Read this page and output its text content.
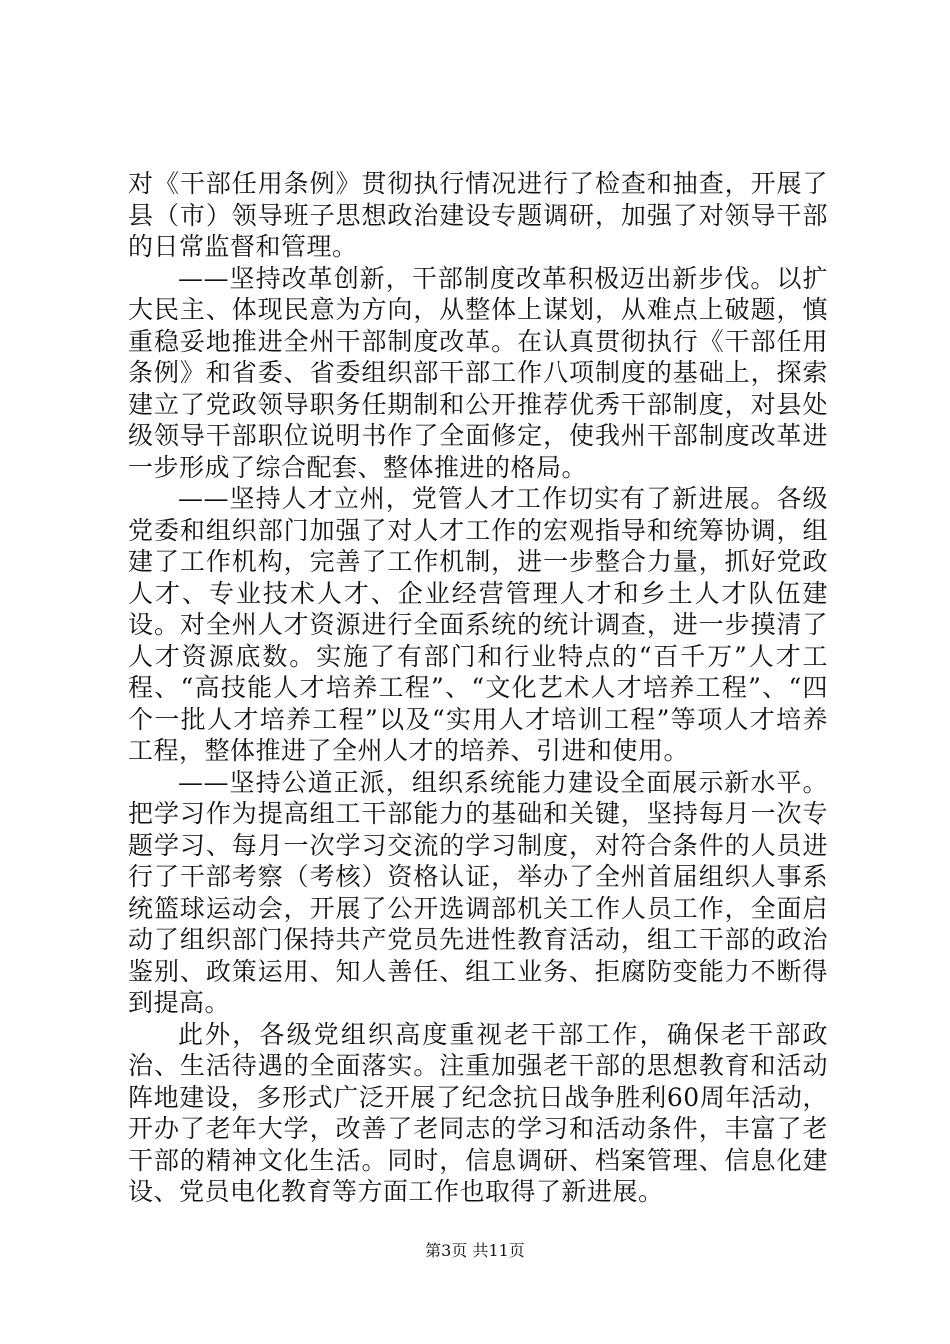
对《干部任用条例》贯彻执行情况进行了检查和抽查，开展了县（市）领导班子思想政治建设专题调研，加强了对领导干部的日常监督和管理。

——坚持改革创新，干部制度改革积极迈出新步伐。以扩大民主、体现民意为方向，从整体上谋划，从难点上破题，慎重稳妥地推进全州干部制度改革。在认真贯彻执行《干部任用条例》和省委、省委组织部干部工作八项制度的基础上，探索建立了党政领导职务任期制和公开推荐优秀干部制度，对县处级领导干部职位说明书作了全面修定，使我州干部制度改革进一步形成了综合配套、整体推进的格局。

——坚持人才立州，党管人才工作切实有了新进展。各级党委和组织部门加强了对人才工作的宏观指导和统筹协调，组建了工作机构，完善了工作机制，进一步整合力量，抓好党政人才、专业技术人才、企业经营管理人才和乡土人才队伍建设。对全州人才资源进行全面系统的统计调查，进一步摸清了人才资源底数。实施了有部门和行业特点的“百千万”人才工程、“高技能人才培养工程”、“文化艺术人才培养工程”、“四个一批人才培养工程”以及“实用人才培训工程”等项人才培养工程，整体推进了全州人才的培养、引进和使用。

——坚持公道正派，组织系统能力建设全面展示新水平。把学习作为提高组工干部能力的基础和关键，坚持每月一次专题学习、每月一次学习交流的学习制度，对符合条件的人员进行了干部考察（考核）资格认证，举办了全州首届组织人事系统篮球运动会，开展了公开选调部机关工作人员工作，全面启动了组织部门保持共产党员先进性教育活动，组工干部的政治鉴别、政策运用、知人善任、组工业务、拒腐防变能力不断得到提高。

此外，各级党组织高度重视老干部工作，确保老干部政治、生活待遇的全面落实。注重加强老干部的思想教育和活动阵地建设，多形式广泛开展了纪念抗日战争胜利60周年活动，开办了老年大学，改善了老同志的学习和活动条件，丰富了老干部的精神文化生活。同时，信息调研、档案管理、信息化建设、党员电化教育等方面工作也取得了新进展。

第3页 共11页
